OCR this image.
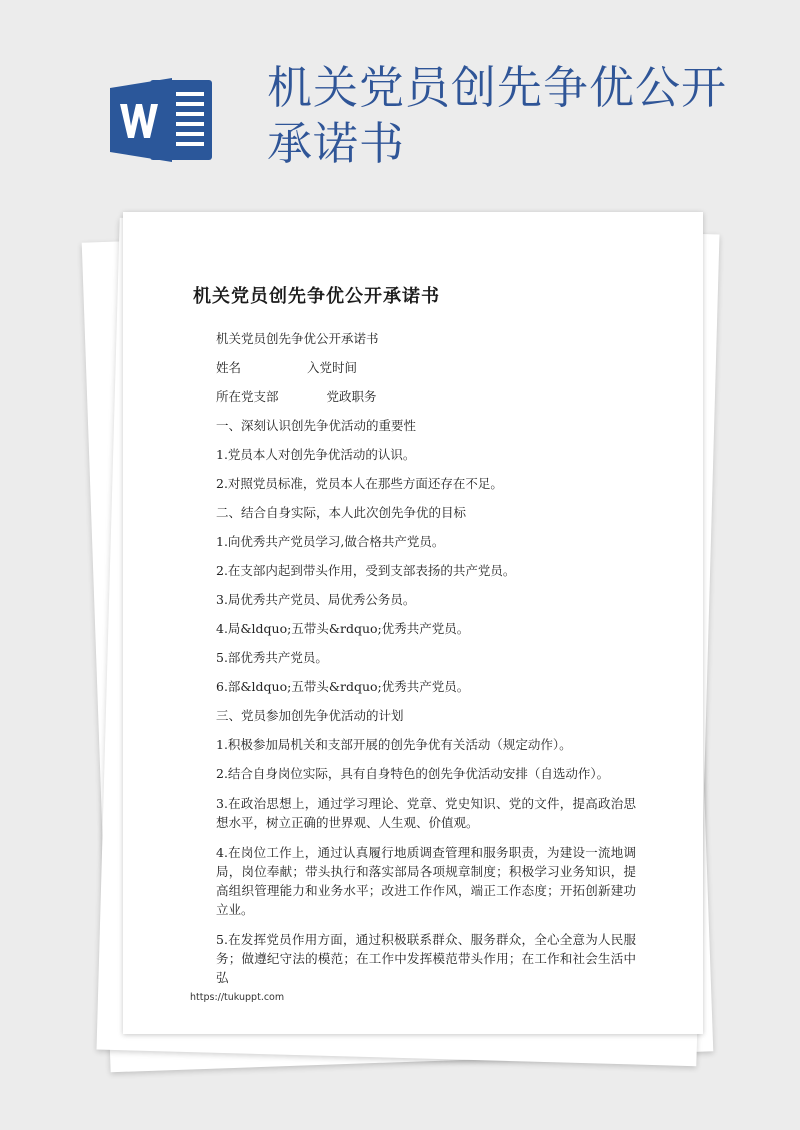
机关党员创先争优公开承诺书
机关党员创先争优公开承诺书

机关党员创先争优公开承诺书

姓名	入党时间

所在党支部	党政职务

一、深刻认识创先争优活动的重要性

1.党员本人对创先争优活动的认识。

2.对照党员标准，党员本人在那些方面还存在不足。

二、结合自身实际，本人此次创先争优的目标

1.向优秀共产党员学习,做合格共产党员。

2.在支部内起到带头作用，受到支部表扬的共产党员。

3.局优秀共产党员、局优秀公务员。

4.局&ldquo;五带头&rdquo;优秀共产党员。

5.部优秀共产党员。

6.部&ldquo;五带头&rdquo;优秀共产党员。

三、党员参加创先争优活动的计划

1.积极参加局机关和支部开展的创先争优有关活动（规定动作）。

2.结合自身岗位实际，具有自身特色的创先争优活动安排（自选动作）。

3.在政治思想上，通过学习理论、党章、党史知识、党的文件，提高政治思想水平，树立正确的世界观、人生观、价值观。

4.在岗位工作上，通过认真履行地质调查管理和服务职责，为建设一流地调局，岗位奉献；带头执行和落实部局各项规章制度；积极学习业务知识，提高组织管理能力和业务水平；改进工作作风，端正工作态度；开拓创新建功立业。

5.在发挥党员作用方面，通过积极联系群众、服务群众，全心全意为人民服务；做遵纪守法的模范；在工作中发挥模范带头作用；在工作和社会生活中弘

https://tukuppt.com
